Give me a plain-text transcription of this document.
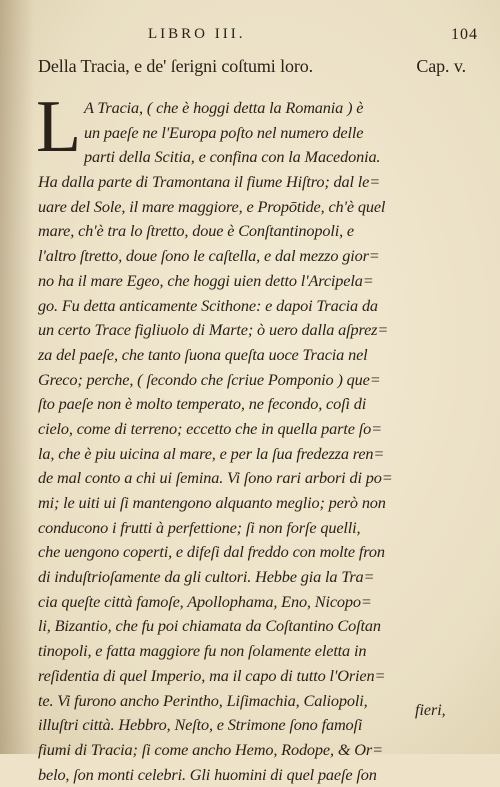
LIBRO III.	104
Della Tracia, e de' ſerigni coſtumi loro.	Cap. v.
L A Tracia, ( che è hoggi detta la Romania ) è
un paeſe ne l'Europa poſto nel numero delle
parti della Scitia, e confina con la Macedonia.
Ha dalla parte di Tramontana il fiume Hiſtro; dal le=
uare del Sole, il mare maggiore, e Propōtide, ch'è quel
mare, ch'è tra lo ſtretto, doue è Conſtantinopoli, e
l'altro ſtretto, doue ſono le caſtella, e dal mezzo gior=
no ha il mare Egeo, che hoggi uien detto l'Arcipela=
go. Fu detta anticamente Scithone: e dapoi Tracia da
un certo Trace figliuolo di Marte; ò uero dalla aſprez=
za del paeſe, che tanto ſuona queſta uoce Tracia nel
Greco; perche, ( ſecondo che ſcriue Pomponio ) que=
ſto paeſe non è molto temperato, ne fecondo, coſì di
cielo, come di terreno; eccetto che in quella parte ſo=
la, che è piu uicina al mare, e per la ſua fredezza ren=
de mal conto a chi ui ſemina. Vi ſono rari arbori di po=
mi; le uiti ui ſi mantengono alquanto meglio; però non
conducono i frutti à perfettione; ſi non forſe quelli,
che uengono coperti, e difeſi dal freddo con molte fron
di induſtrioſamente da gli cultori. Hebbe gia la Tra=
cia queſte città famoſe, Apollophama, Eno, Nicopo=
li, Bizantio, che fu poi chiamata da Coſtantino Coſtan
tinopoli, e fatta maggiore fu non ſolamente eletta in
reſidentia di quel Imperio, ma il capo di tutto l'Orien=
te. Vi furono ancho Perintho, Liſimachia, Caliopoli,
illuſtri città. Hebbro, Neſto, e Strimone ſono famoſi
fiumi di Tracia; ſi come ancho Hemo, Rodope, & Or=
belo, ſon monti celebri. Gli huomini di quel paeſe ſon
fieri,
